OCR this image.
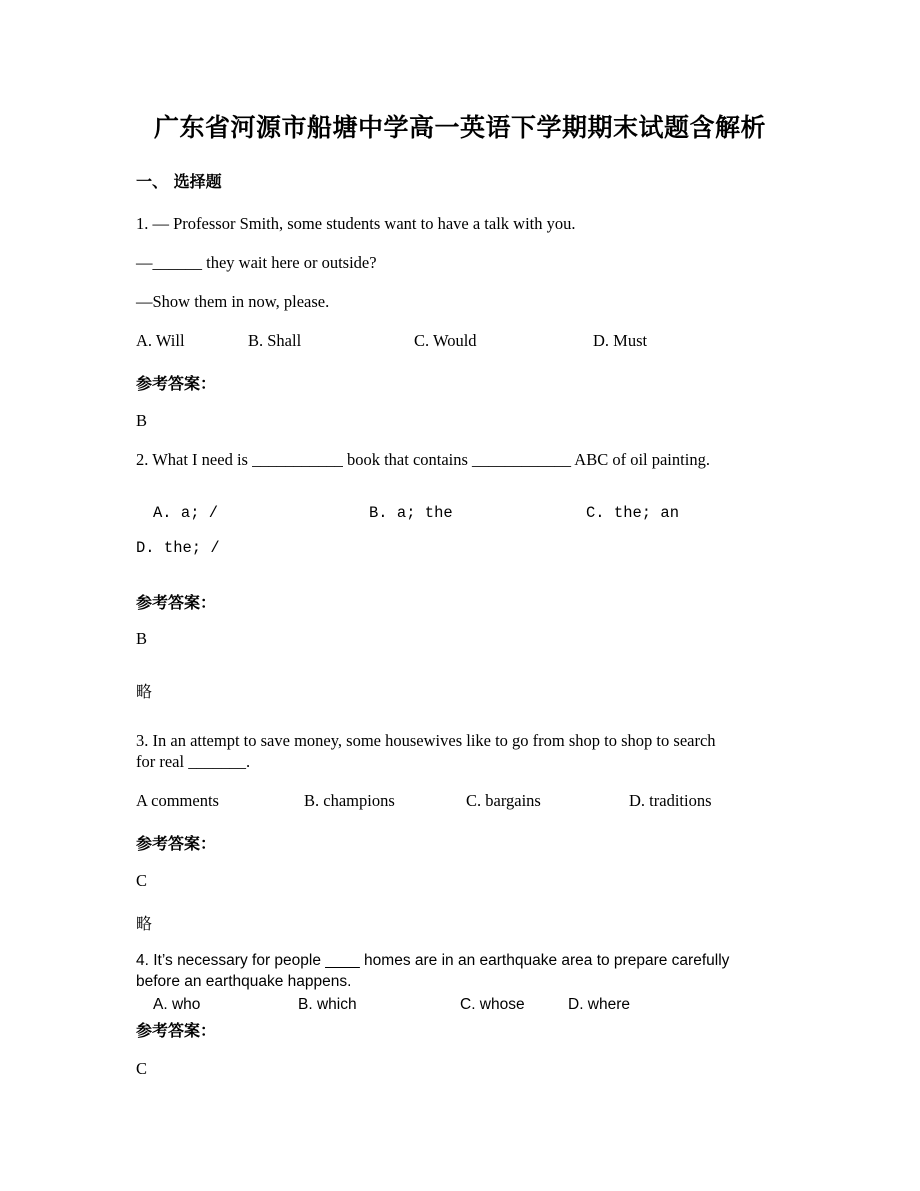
广东省河源市船塘中学高一英语下学期期末试题含解析
一、 选择题
1. — Professor Smith, some students want to have a talk with you.
—______ they wait here or outside?
—Show them in now, please.
A. Will	B. Shall	C. Would	D. Must
参考答案：
B
2. What I need is ___________ book that contains ____________ ABC of oil painting.
A. a; /	B. a; the	C. the; an
D. the; /
参考答案：
B
略
3. In an attempt to save money, some housewives like to go from shop to shop to search
for real _______.
A comments	B. champions	C. bargains	D. traditions
参考答案：
C
略
4. It’s necessary for people ____ homes are in an earthquake area to prepare carefully
before an earthquake happens.
A. who	B. which	C. whose	D. where
参考答案：
C
